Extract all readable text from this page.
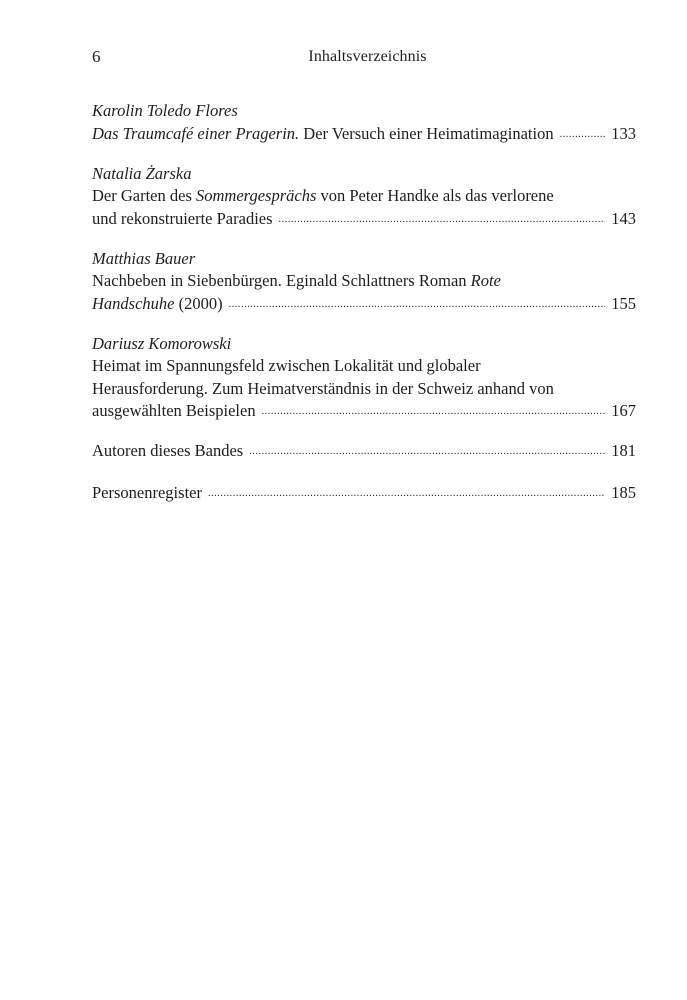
6	Inhaltsverzeichnis
Karolin Toledo Flores
Das Traumcafé einer Pragerin. Der Versuch einer Heimatimagination .....	133
Natalia Żarska
Der Garten des Sommergesprächs von Peter Handke als das verlorene
und rekonstruierte Paradies .....	143
Matthias Bauer
Nachbeben in Siebenbürgen. Eginald Schlattners Roman Rote
Handschuhe (2000) .....	155
Dariusz Komorowski
Heimat im Spannungsfeld zwischen Lokalität und globaler
Herausforderung. Zum Heimatverständnis in der Schweiz anhand von
ausgewählten Beispielen .....	167
Autoren dieses Bandes .....	181
Personenregister .....	185
